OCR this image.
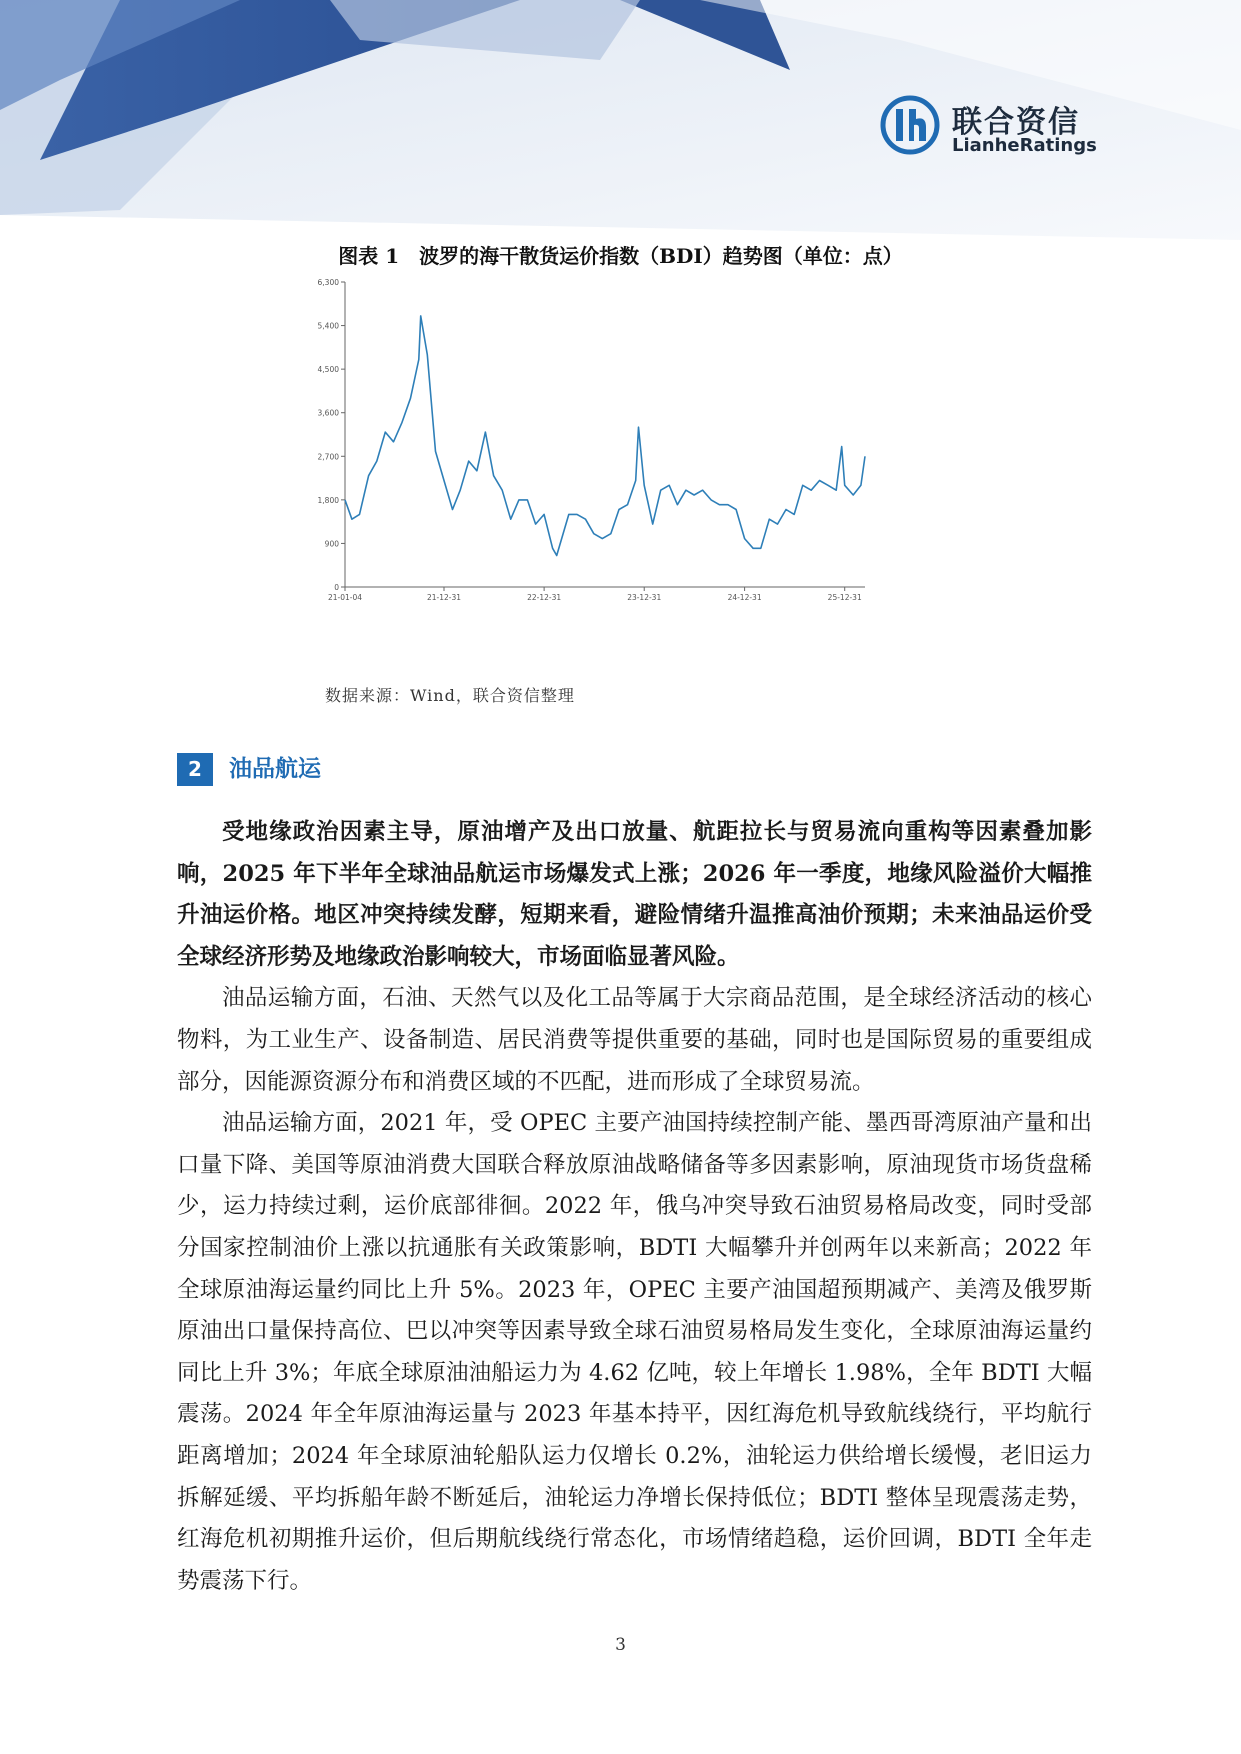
联合资信
LianheRatings
图表 1　波罗的海干散货运价指数（BDI）趋势图（单位：点）
0
900
1,800
2,700
3,600
4,500
5,400
6,300
21-01-04	21-12-31	22-12-31	23-12-31	24-12-31	25-12-31
数据来源：Wind，联合资信整理
2	油品航运

受地缘政治因素主导，原油增产及出口放量、航距拉长与贸易流向重构等因素叠加影响，2025 年下半年全球油品航运市场爆发式上涨；2026 年一季度，地缘风险溢价大幅推升油运价格。地区冲突持续发酵，短期来看，避险情绪升温推高油价预期；未来油品运价受全球经济形势及地缘政治影响较大，市场面临显著风险。

油品运输方面，石油、天然气以及化工品等属于大宗商品范围，是全球经济活动的核心物料，为工业生产、设备制造、居民消费等提供重要的基础，同时也是国际贸易的重要组成部分，因能源资源分布和消费区域的不匹配，进而形成了全球贸易流。

油品运输方面，2021 年，受 OPEC 主要产油国持续控制产能、墨西哥湾原油产量和出口量下降、美国等原油消费大国联合释放原油战略储备等多因素影响，原油现货市场货盘稀少，运力持续过剩，运价底部徘徊。2022 年，俄乌冲突导致石油贸易格局改变，同时受部分国家控制油价上涨以抗通胀有关政策影响，BDTI 大幅攀升并创两年以来新高；2022 年全球原油海运量约同比上升 5%。2023 年，OPEC 主要产油国超预期减产、美湾及俄罗斯原油出口量保持高位、巴以冲突等因素导致全球石油贸易格局发生变化，全球原油海运量约同比上升 3%；年底全球原油油船运力为 4.62 亿吨，较上年增长 1.98%，全年 BDTI 大幅震荡。2024 年全年原油海运量与 2023 年基本持平，因红海危机导致航线绕行，平均航行距离增加；2024 年全球原油轮船队运力仅增长 0.2%，油轮运力供给增长缓慢，老旧运力拆解延缓、平均拆船年龄不断延后，油轮运力净增长保持低位；BDTI 整体呈现震荡走势，红海危机初期推升运价，但后期航线绕行常态化，市场情绪趋稳，运价回调，BDTI 全年走势震荡下行。

3
